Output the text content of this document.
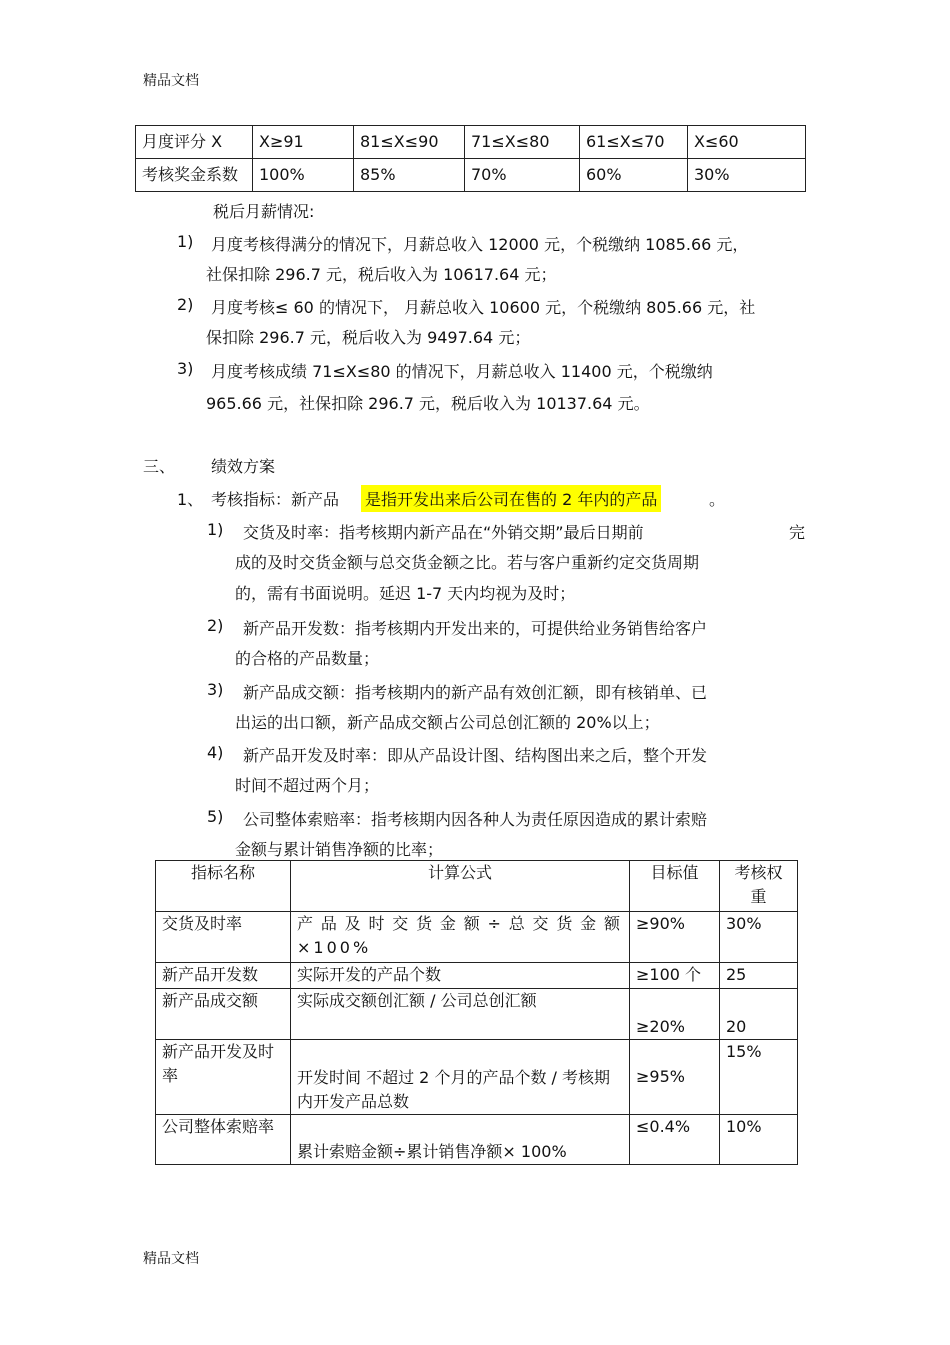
精品文档
月度评分 X	X≥91	81≤X≤90	71≤X≤80	61≤X≤70	X≤60
考核奖金系数	100%	85%	70%	60%	30%
税后月薪情况:
1) 月度考核得满分的情况下，月薪总收入 12000 元，个税缴纳 1085.66 元，
社保扣除 296.7 元，税后收入为 10617.64 元；
2) 月度考核≤ 60 的情况下， 月薪总收入 10600 元，个税缴纳 805.66 元，社
保扣除 296.7 元，税后收入为 9497.64 元；
3) 月度考核成绩 71≤X≤80 的情况下，月薪总收入 11400 元，个税缴纳
965.66 元，社保扣除 296.7 元，税后收入为 10137.64 元。
三、 绩效方案
1、 考核指标：新产品 是指开发出来后公司在售的 2 年内的产品	。
1) 交货及时率：指考核期内新产品在“外销交期”最后日期前	完
成的及时交货金额与总交货金额之比。若与客户重新约定交货周期
的，需有书面说明。延迟 1-7 天内均视为及时；
2) 新产品开发数：指考核期内开发出来的，可提供给业务销售给客户
的合格的产品数量；
3) 新产品成交额：指考核期内的新产品有效创汇额，即有核销单、已
出运的出口额，新产品成交额占公司总创汇额的 20%以上；
4) 新产品开发及时率：即从产品设计图、结构图出来之后，整个开发
时间不超过两个月；
5) 公司整体索赔率：指考核期内因各种人为责任原因造成的累计索赔
金额与累计销售净额的比率；
指标名称	计算公式	目标值	考核权重
交货及时率	产品及时交货金额÷总交货金额×100%	≥90%	30%
新产品开发数	实际开发的产品个数	≥100 个	25
新产品成交额	实际成交额创汇额 / 公司总创汇额	≥20%	20
新产品开发及时率	开发时间 不超过 2 个月的产品个数 / 考核期内开发产品总数	≥95%	15%
公司整体索赔率	累计索赔金额÷累计销售净额× 100%	≤0.4%	10%
精品文档
